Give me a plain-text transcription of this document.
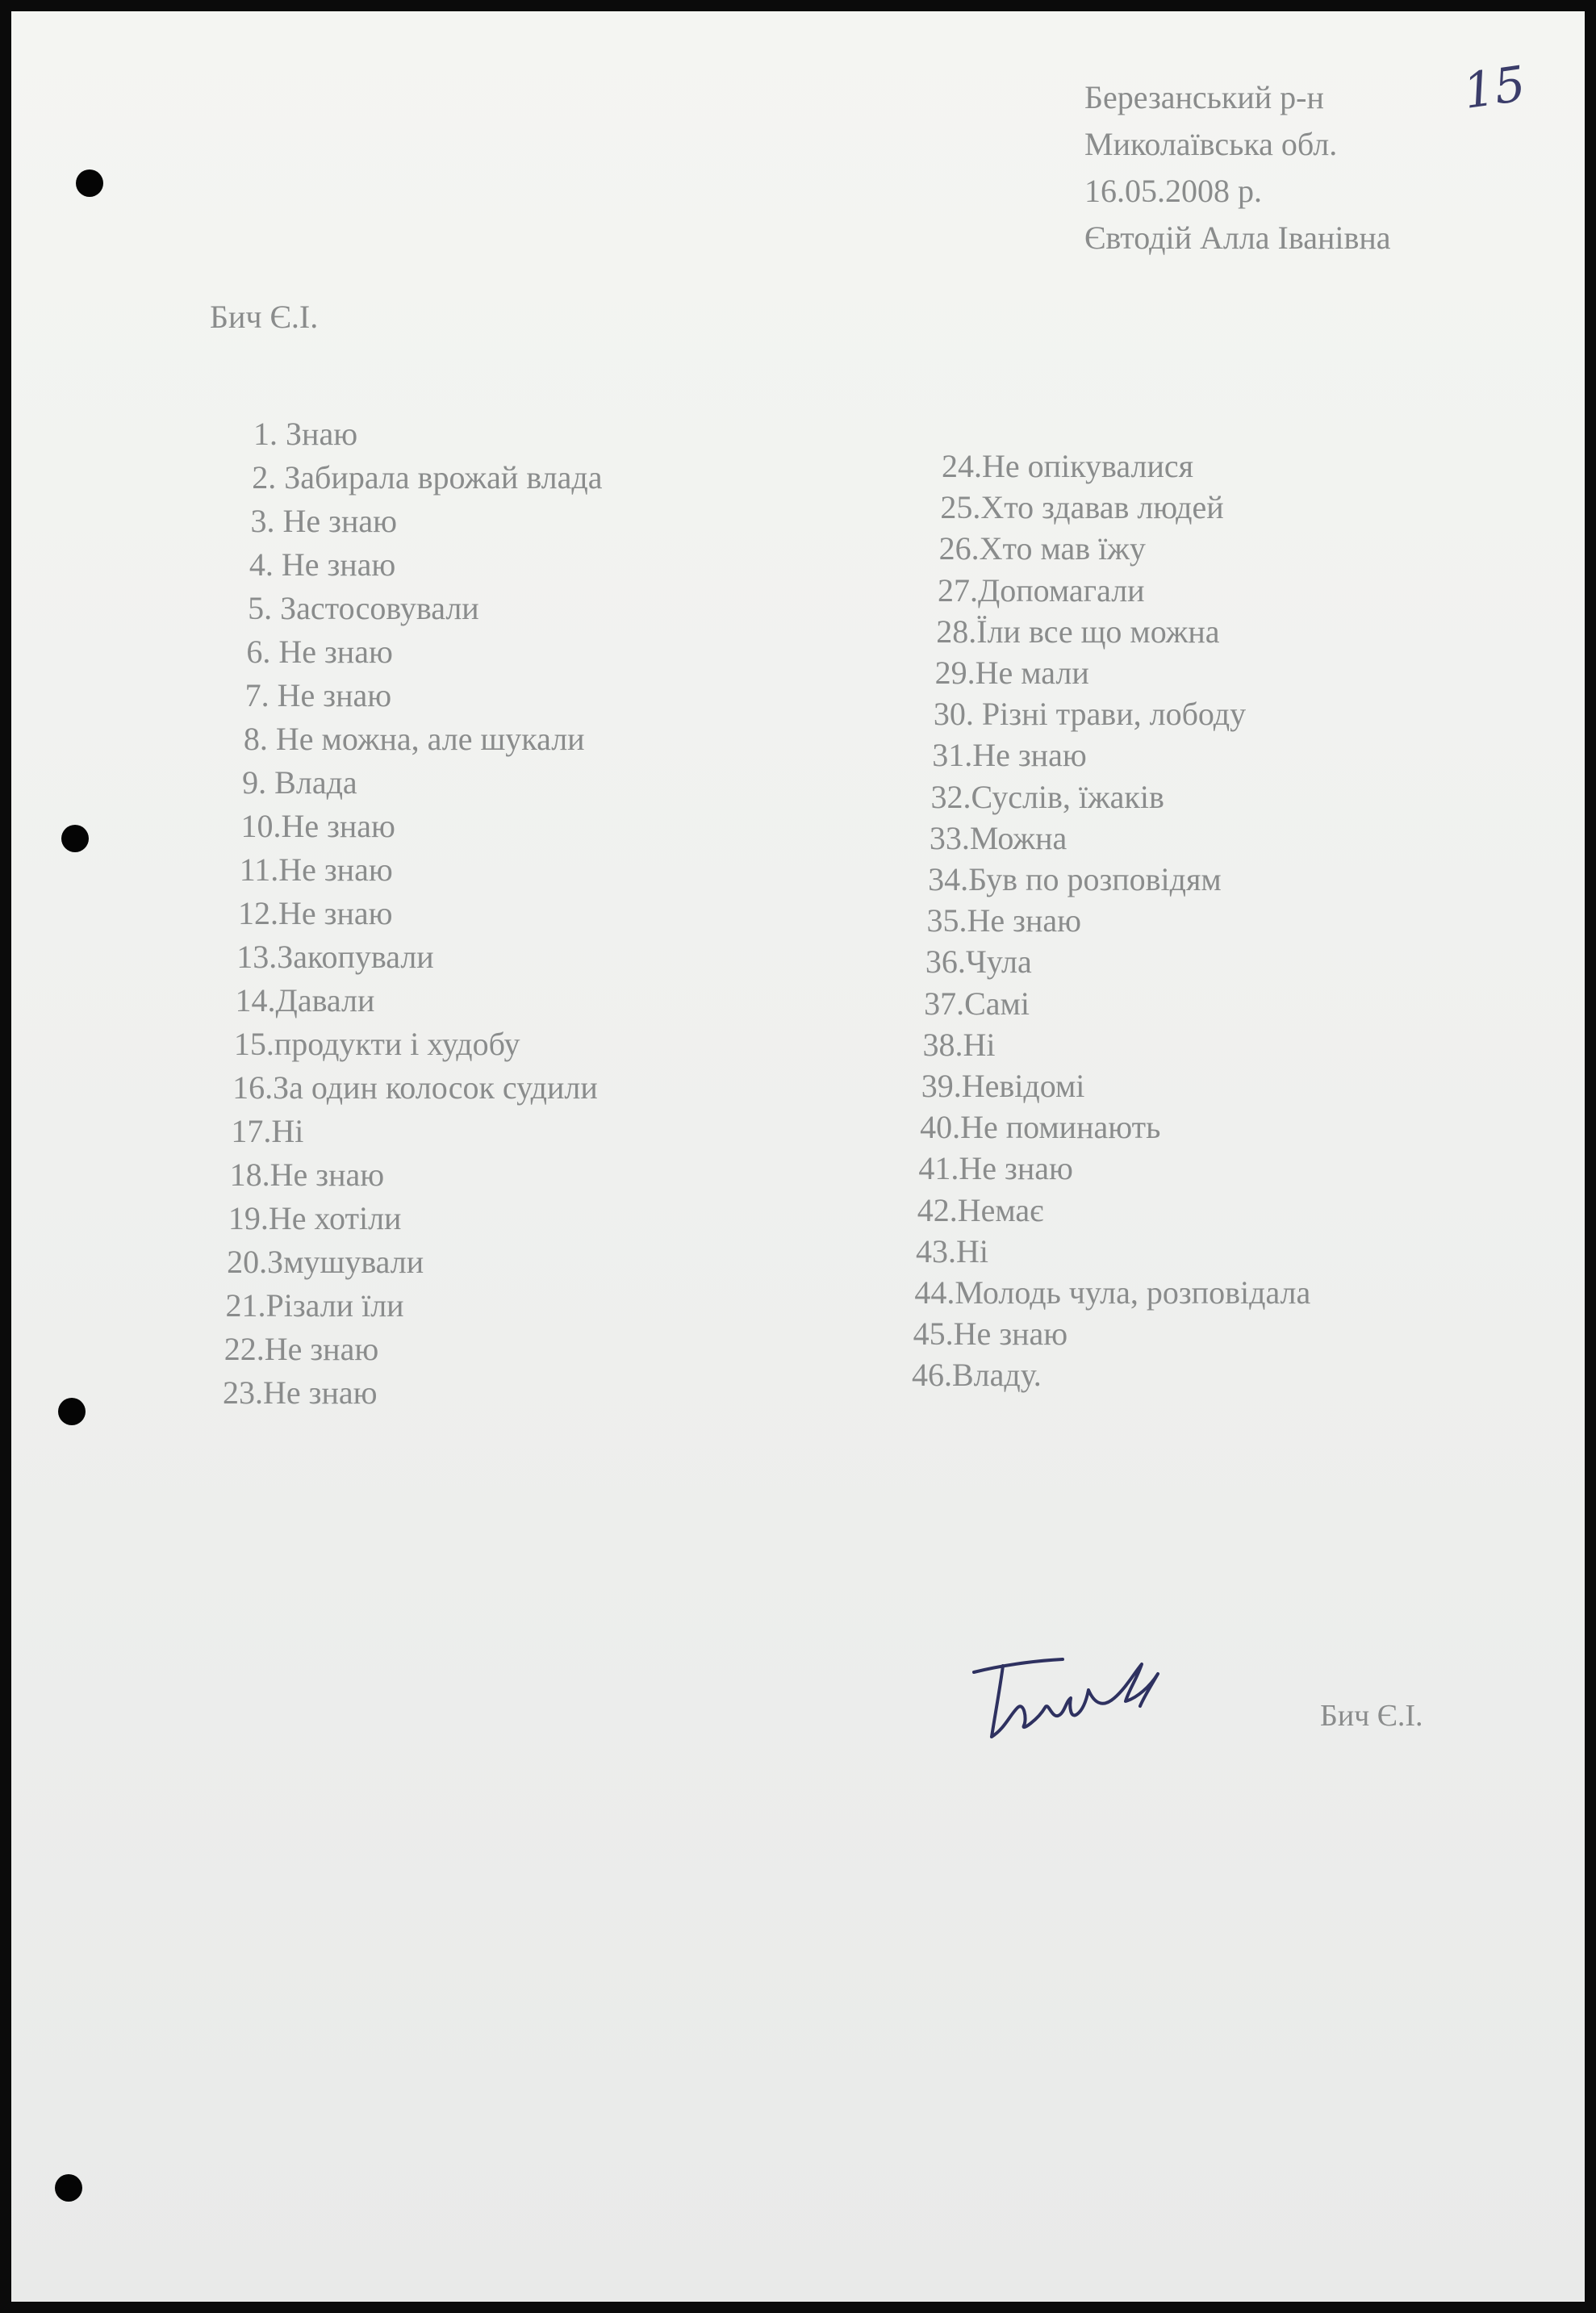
15
Березанський р-н
Миколаївська обл.
16.05.2008 р.
Євтодій Алла Іванівна
Бич Є.І.
1. Знаю
2. Забирала врожай влада
3. Не знаю
4. Не знаю
5. Застосовували
6. Не знаю
7. Не знаю
8. Не можна, але шукали
9. Влада
10.Не знаю
11.Не знаю
12.Не знаю
13.Закопували
14.Давали
15.продукти і худобу
16.За один колосок судили
17.Ні
18.Не знаю
19.Не хотіли
20.Змушували
21.Різали їли
22.Не знаю
23.Не знаю
24.Не опікувалися
25.Хто здавав людей
26.Хто мав їжу
27.Допомагали
28.Їли все що можна
29.Не мали
30. Різні трави, лободу
31.Не знаю
32.Суслів, їжаків
33.Можна
34.Був по розповідям
35.Не знаю
36.Чула
37.Самі
38.Ні
39.Невідомі
40.Не поминають
41.Не знаю
42.Немає
43.Ні
44.Молодь чула, розповідала
45.Не знаю
46.Владу.
Бич Є.І.
